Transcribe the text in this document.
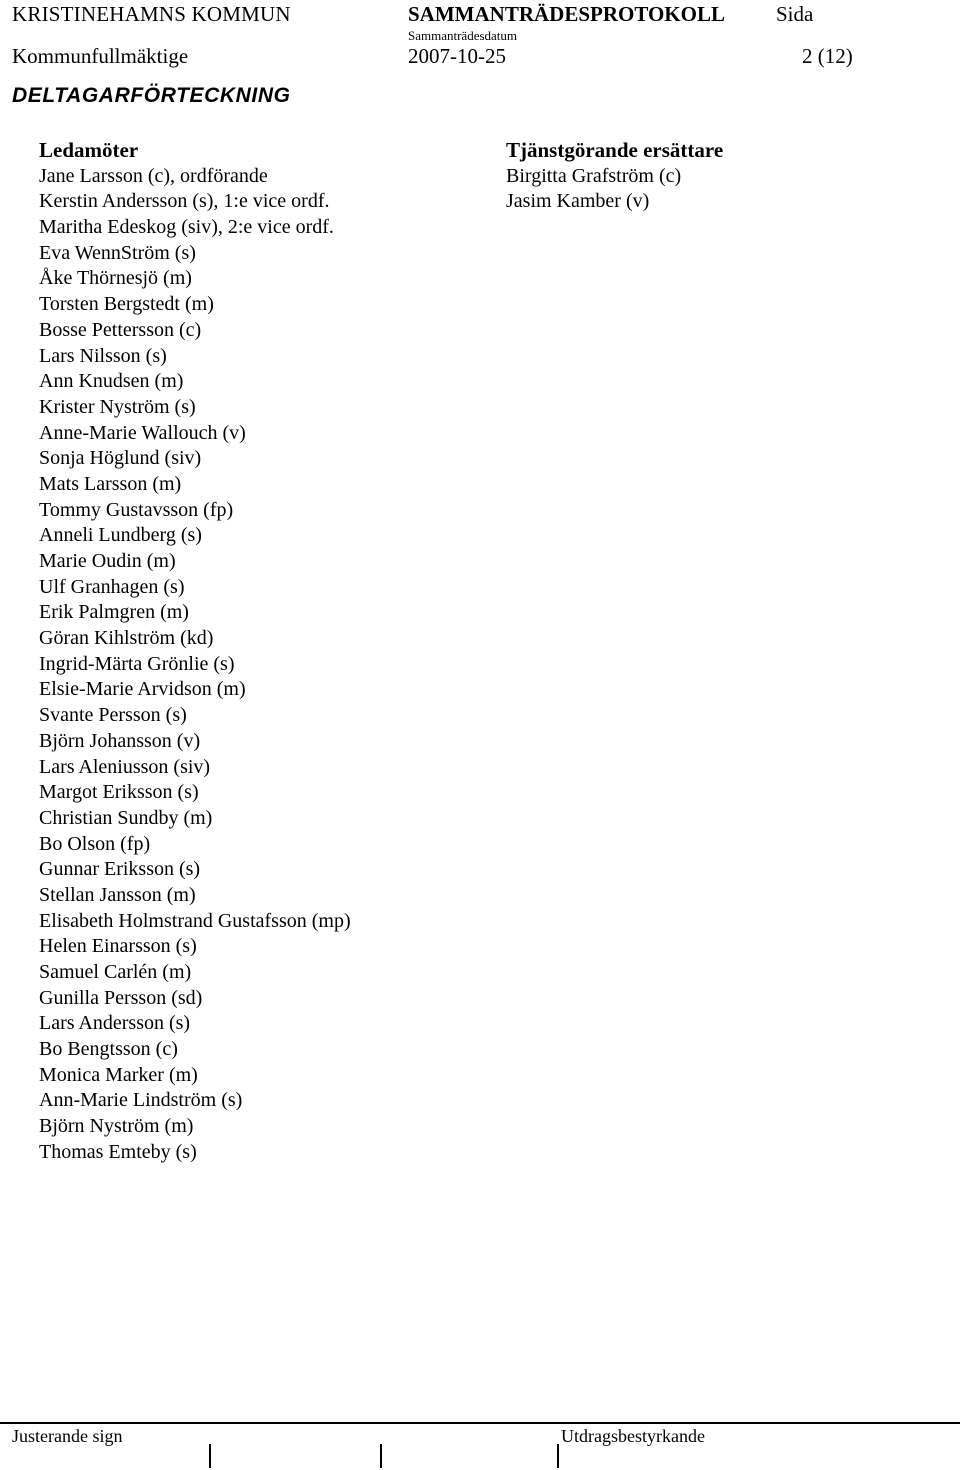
KRISTINEHAMNS KOMMUN	SAMMANTRÄDESPROTOKOLL Sida
Sammanträdesdatum
Kommunfullmäktige	2007-10-25	2 (12)
DELTAGARFÖRTECKNING
Ledamöter
Jane Larsson (c), ordförande
Kerstin Andersson (s), 1:e vice ordf.
Maritha Edeskog (siv), 2:e vice ordf.
Eva WennStröm (s)
Åke Thörnesjö (m)
Torsten Bergstedt (m)
Bosse Pettersson (c)
Lars Nilsson (s)
Ann Knudsen (m)
Krister Nyström (s)
Anne-Marie Wallouch (v)
Sonja Höglund (siv)
Mats Larsson (m)
Tommy Gustavsson (fp)
Anneli Lundberg (s)
Marie Oudin (m)
Ulf Granhagen (s)
Erik Palmgren (m)
Göran Kihlström (kd)
Ingrid-Märta Grönlie (s)
Elsie-Marie Arvidson (m)
Svante Persson (s)
Björn Johansson (v)
Lars Aleniusson (siv)
Margot Eriksson (s)
Christian Sundby (m)
Bo Olson (fp)
Gunnar Eriksson (s)
Stellan Jansson (m)
Elisabeth Holmstrand Gustafsson (mp)
Helen Einarsson (s)
Samuel Carlén (m)
Gunilla Persson (sd)
Lars Andersson (s)
Bo Bengtsson (c)
Monica Marker (m)
Ann-Marie Lindström (s)
Björn Nyström (m)
Thomas Emteby (s)
Tjänstgörande ersättare
Birgitta Grafström (c)
Jasim Kamber (v)
Justerande sign	Utdragsbestyrkande
